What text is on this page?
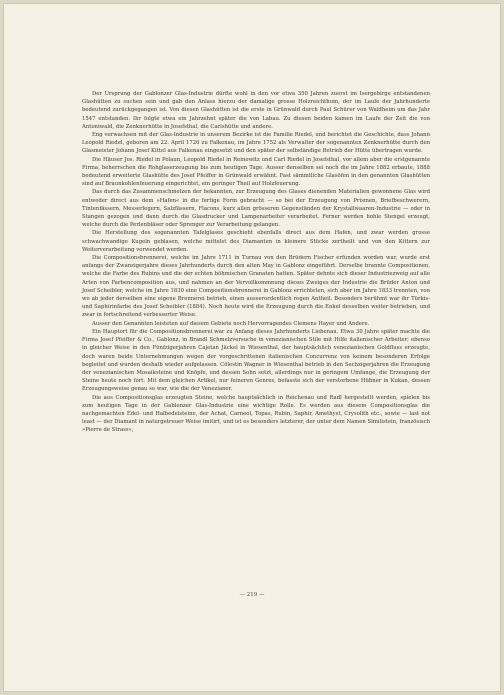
Der Ursprung der Gablonzer Glas-Industrie dürfte wohl in den vor etwa 350 Jahren zuerst im Isergebirge entstandenen Glashütten zu suchen sein und gab den Anlass hierzu der damalige grosse Holzreichthum, der im Laufe der Jahrhunderte bedeutend zurückgegangen ist. Von diesen Glashütten ist die erste in Grünwald durch Paul Schürer von Waldheim um das Jahr 1547 entstanden. Ihr folgte etwa ein Jahrzehnt später die von Labau. Zu diesen beiden kamen im Laufe der Zeit die von Antoniwald, die Zenknerhütte in Josefsthal, die Carlshütte und andere.

Eng verwachsen mit der Glas-Industrie in unserem Bezirke ist die Familie Riedel, und berichtet die Geschichte, dass Johann Leopold Riedel, geboren am 22. April 1726 zu Falkenau, im Jahre 1752 als Verwalter der sogenannten Zenknerhütte durch den Glasmeister Johann Josef Kittel aus Falkenau eingesetzt und den später der selbständige Betrieb der Hütte übertragen wurde.

Die Häuser Jos. Riedel in Polaun, Leopold Riedel in Reinowitz und Carl Riedel in Josefsthal, vor allem aber die erstgenannte Firma, beherrschen die Rohglaserzeugung bis zum heutigen Tage. Ausser denselben sei noch die im Jahre 1882 erbaute, 1888 bedeutend erweiterte Glashütte des Josef Pfeiffer in Grünwald erwähnt. Fast sämmtliche Glasöfen in den genannten Glashütten sind auf Braunkohlenfeuerung eingerichtet, ein geringer Theil auf Holzfeuerung.

Das durch das Zusammenschmelzen der bekannten, zur Erzeugung des Glases dienenden Materialien gewonnene Glas wird entweder direct aus dem »Hafen« in die fertige Form gebracht — so bei der Erzeugung von Prismen, Briefbeschwerern, Tintenfässern, Messerlegern, Salzfässern, Flacons, kurz allen grösseren Gegenständen der Krystallwaaren-Industrie — oder in Stangen gezogen und dann durch die Glasdrucker und Lampenarbeiter verarbeitet. Ferner werden hohle Stengel erzeugt, welche durch die Perlenbläser oder Sprenger zur Verarbeitung gelangen.

Die Herstellung des sogenannten Tafelglases geschieht ebenfalls direct aus dem Hafen, und zwar werden grosse schwachwandige Kugeln geblasen, welche mittelst des Diamanten in kleinere Stücke zertheilt und von den Kittern zur Weiterverarbeitung verwendet werden.

Die Compositionsbrennerei, welche im Jahre 1711 in Turnau von den Brüdern Fischer erfunden worden war, wurde erst anfangs der Zwanzigerjahre dieses Jahrhunderts durch den alten May in Gablonz eingeführt. Derselbe brannte Compositionen, welche die Farbe des Rubins und die der echten böhmischen Granaten hatten. Später dehnte sich dieser Industriezweig auf alle Arten von Farbencomposition aus, und nahmen an der Vervollkommnung dieses Zweiges der Industrie die Brüder Anton und Josef Scheibler, welche im Jahre 1830 eine Compositionsbrennerei in Gablonz errichteten, sich aber im Jahre 1833 trennten, von wo ab jeder derselben eine eigene Brennerei betrieb, einen ausserordentlich regen Antheil. Besonders berühmt war ihr Türkis- und Saphirinfarbe des Josef Scheibler (1884). Noch heute wird die Erzeugung durch die Enkel desselben weiter betrieben, und zwar in fortschreitend verbesserter Weise.

Ausser den Genannten leisteten auf diesem Gebiete noch Hervorragendes Clemens Hayer und Andere.

Ein Hauptort für die Compositionsbrennerei war zu Anfang dieses Jahrhunderts Liebenau. Etwa 30 Jahre später machte die Firma Josef Pfeiffer & Co., Gablonz, in Brandl Schmelzversuche in venezianischen Stile mit Hilfe italienischer Arbeiter; ebenso in gleicher Weise in den Fünfzigerjahren Cajetan Jäckel in Wiesenthal, der hauptsächlich venezianischen Goldfluss erzeugte, doch waren beide Unternehmungen wegen der vorgeschrittenen italienischen Concurrenz von keinem besonderen Erfolge begleitet und wurden deshalb wieder aufgelassen. Cölestin Wagner in Wiesenthal betrieb in den Sechzigerjahren die Erzeugung der venezianischen Mosaiksteine und Knöpfe, und dessen Sohn setzt, allerdings nur in geringem Umfange, die Erzeugung der Steine heute noch fort. Mit dem gleichen Artikel, nur feineren Genres, befasste sich der verstorbene Hübner in Kukan, dessen Erzeugungsweise genau so war, wie die der Venezianer.

Die aus Compositionsglas erzeugten Steine, welche hauptsächlich in Reichenau und Radl hergestellt werden, spielen bis zum heutigen Tage in der Gablonzer Glas-Industrie eine wichtige Rolle. Es werden aus diesem Compositionsglas die nachgemachten Edel- und Halbedelsteine, der Achat, Carneol, Topas, Rubin, Saphir, Amethyst, Crysolith etc., sowie — last not least — der Diamant in naturgetreuer Weise imitirt, und ist es besonders letzterer, der unter dem Namen Similistein, französisch »Pierre de Strass«,

— 219 —
